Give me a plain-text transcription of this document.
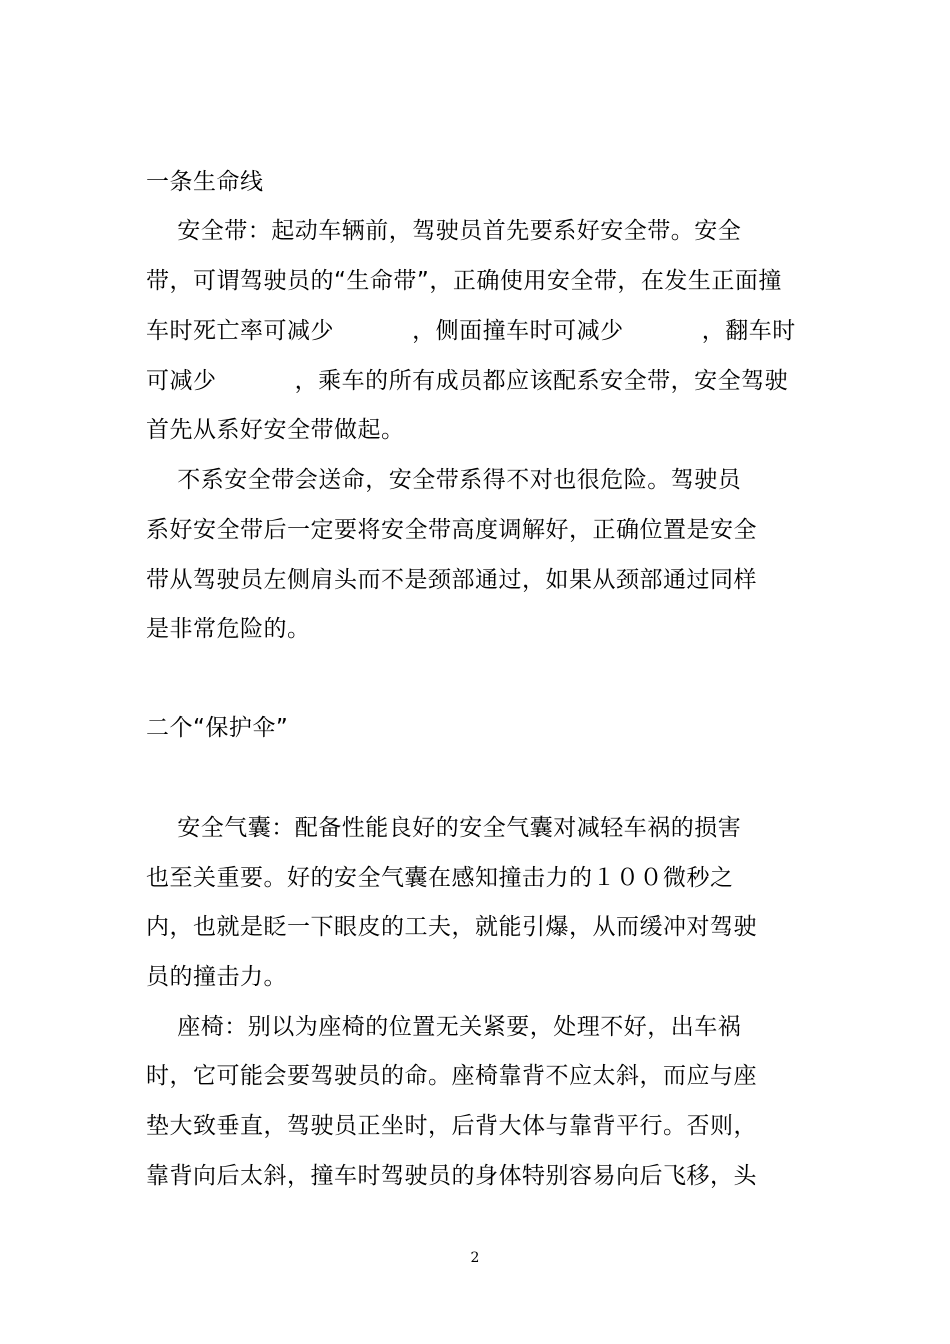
一条生命线
安全带：起动车辆前，驾驶员首先要系好安全带。安全
带，可谓驾驶员的“生命带”，正确使用安全带，在发生正面撞
车时死亡率可减少          ，侧面撞车时可减少          ，翻车时
可减少          ，乘车的所有成员都应该配系安全带，安全驾驶
首先从系好安全带做起。
不系安全带会送命，安全带系得不对也很危险。驾驶员
系好安全带后一定要将安全带高度调解好，正确位置是安全
带从驾驶员左侧肩头而不是颈部通过，如果从颈部通过同样
是非常危险的。
二个“保护伞”
安全气囊：配备性能良好的安全气囊对减轻车祸的损害
也至关重要。好的安全气囊在感知撞击力的１００微秒之
内，也就是眨一下眼皮的工夫，就能引爆，从而缓冲对驾驶
员的撞击力。
座椅：别以为座椅的位置无关紧要，处理不好，出车祸
时，它可能会要驾驶员的命。座椅靠背不应太斜，而应与座
垫大致垂直，驾驶员正坐时，后背大体与靠背平行。否则，
靠背向后太斜，撞车时驾驶员的身体特别容易向后飞移，头
2
